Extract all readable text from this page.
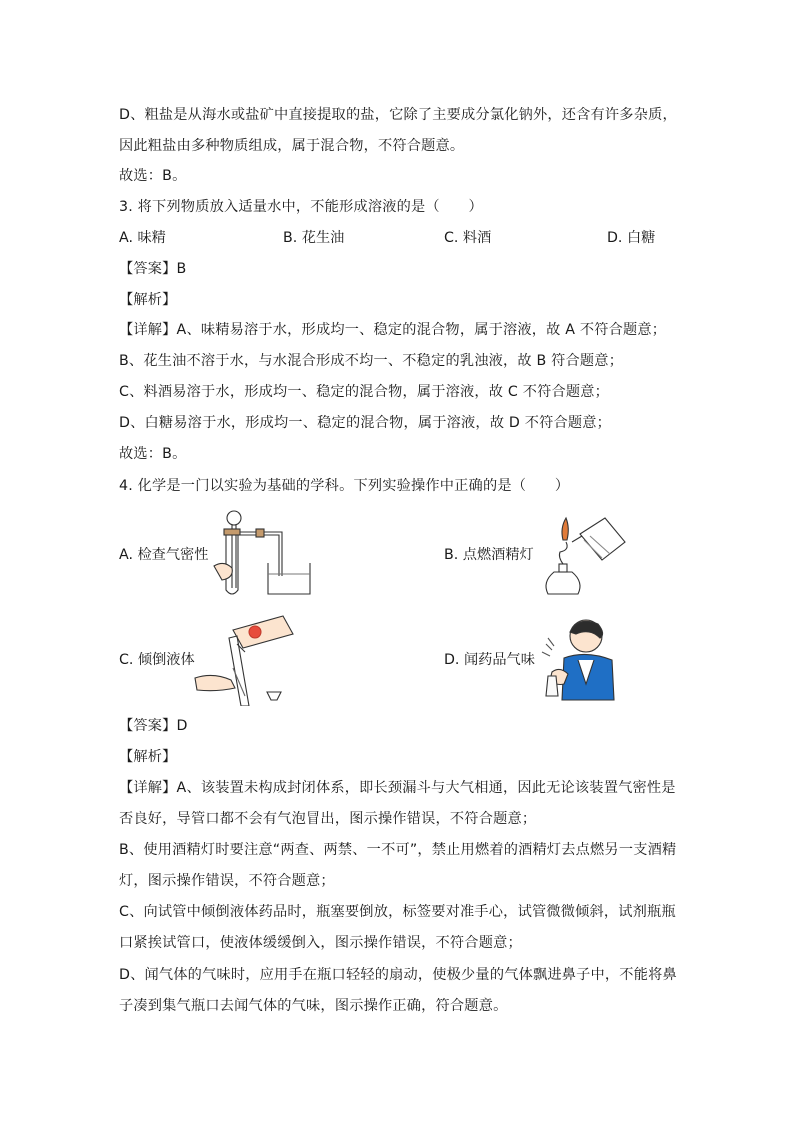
D、粗盐是从海水或盐矿中直接提取的盐，它除了主要成分氯化钠外，还含有许多杂质，
因此粗盐由多种物质组成，属于混合物，不符合题意。
故选：B。
3. 将下列物质放入适量水中，不能形成溶液的是（　　）
A. 味精	B. 花生油	C. 料酒	D. 白糖
【答案】B
【解析】
【详解】A、味精易溶于水，形成均一、稳定的混合物，属于溶液，故 A 不符合题意；
B、花生油不溶于水，与水混合形成不均一、不稳定的乳浊液，故 B 符合题意；
C、料酒易溶于水，形成均一、稳定的混合物，属于溶液，故 C 不符合题意；
D、白糖易溶于水，形成均一、稳定的混合物，属于溶液，故 D 不符合题意；
故选：B。
4. 化学是一门以实验为基础的学科。下列实验操作中正确的是（　　）
A. 检查气密性	B. 点燃酒精灯
C. 倾倒液体	D. 闻药品气味
【答案】D
【解析】
【详解】A、该装置未构成封闭体系，即长颈漏斗与大气相通，因此无论该装置气密性是
否良好，导管口都不会有气泡冒出，图示操作错误，不符合题意；
B、使用酒精灯时要注意“两查、两禁、一不可”，禁止用燃着的酒精灯去点燃另一支酒精
灯，图示操作错误，不符合题意；
C、向试管中倾倒液体药品时，瓶塞要倒放，标签要对准手心，试管微微倾斜，试剂瓶瓶
口紧挨试管口，使液体缓缓倒入，图示操作错误，不符合题意；
D、闻气体的气味时，应用手在瓶口轻轻的扇动，使极少量的气体飘进鼻子中，不能将鼻
子凑到集气瓶口去闻气体的气味，图示操作正确，符合题意。
